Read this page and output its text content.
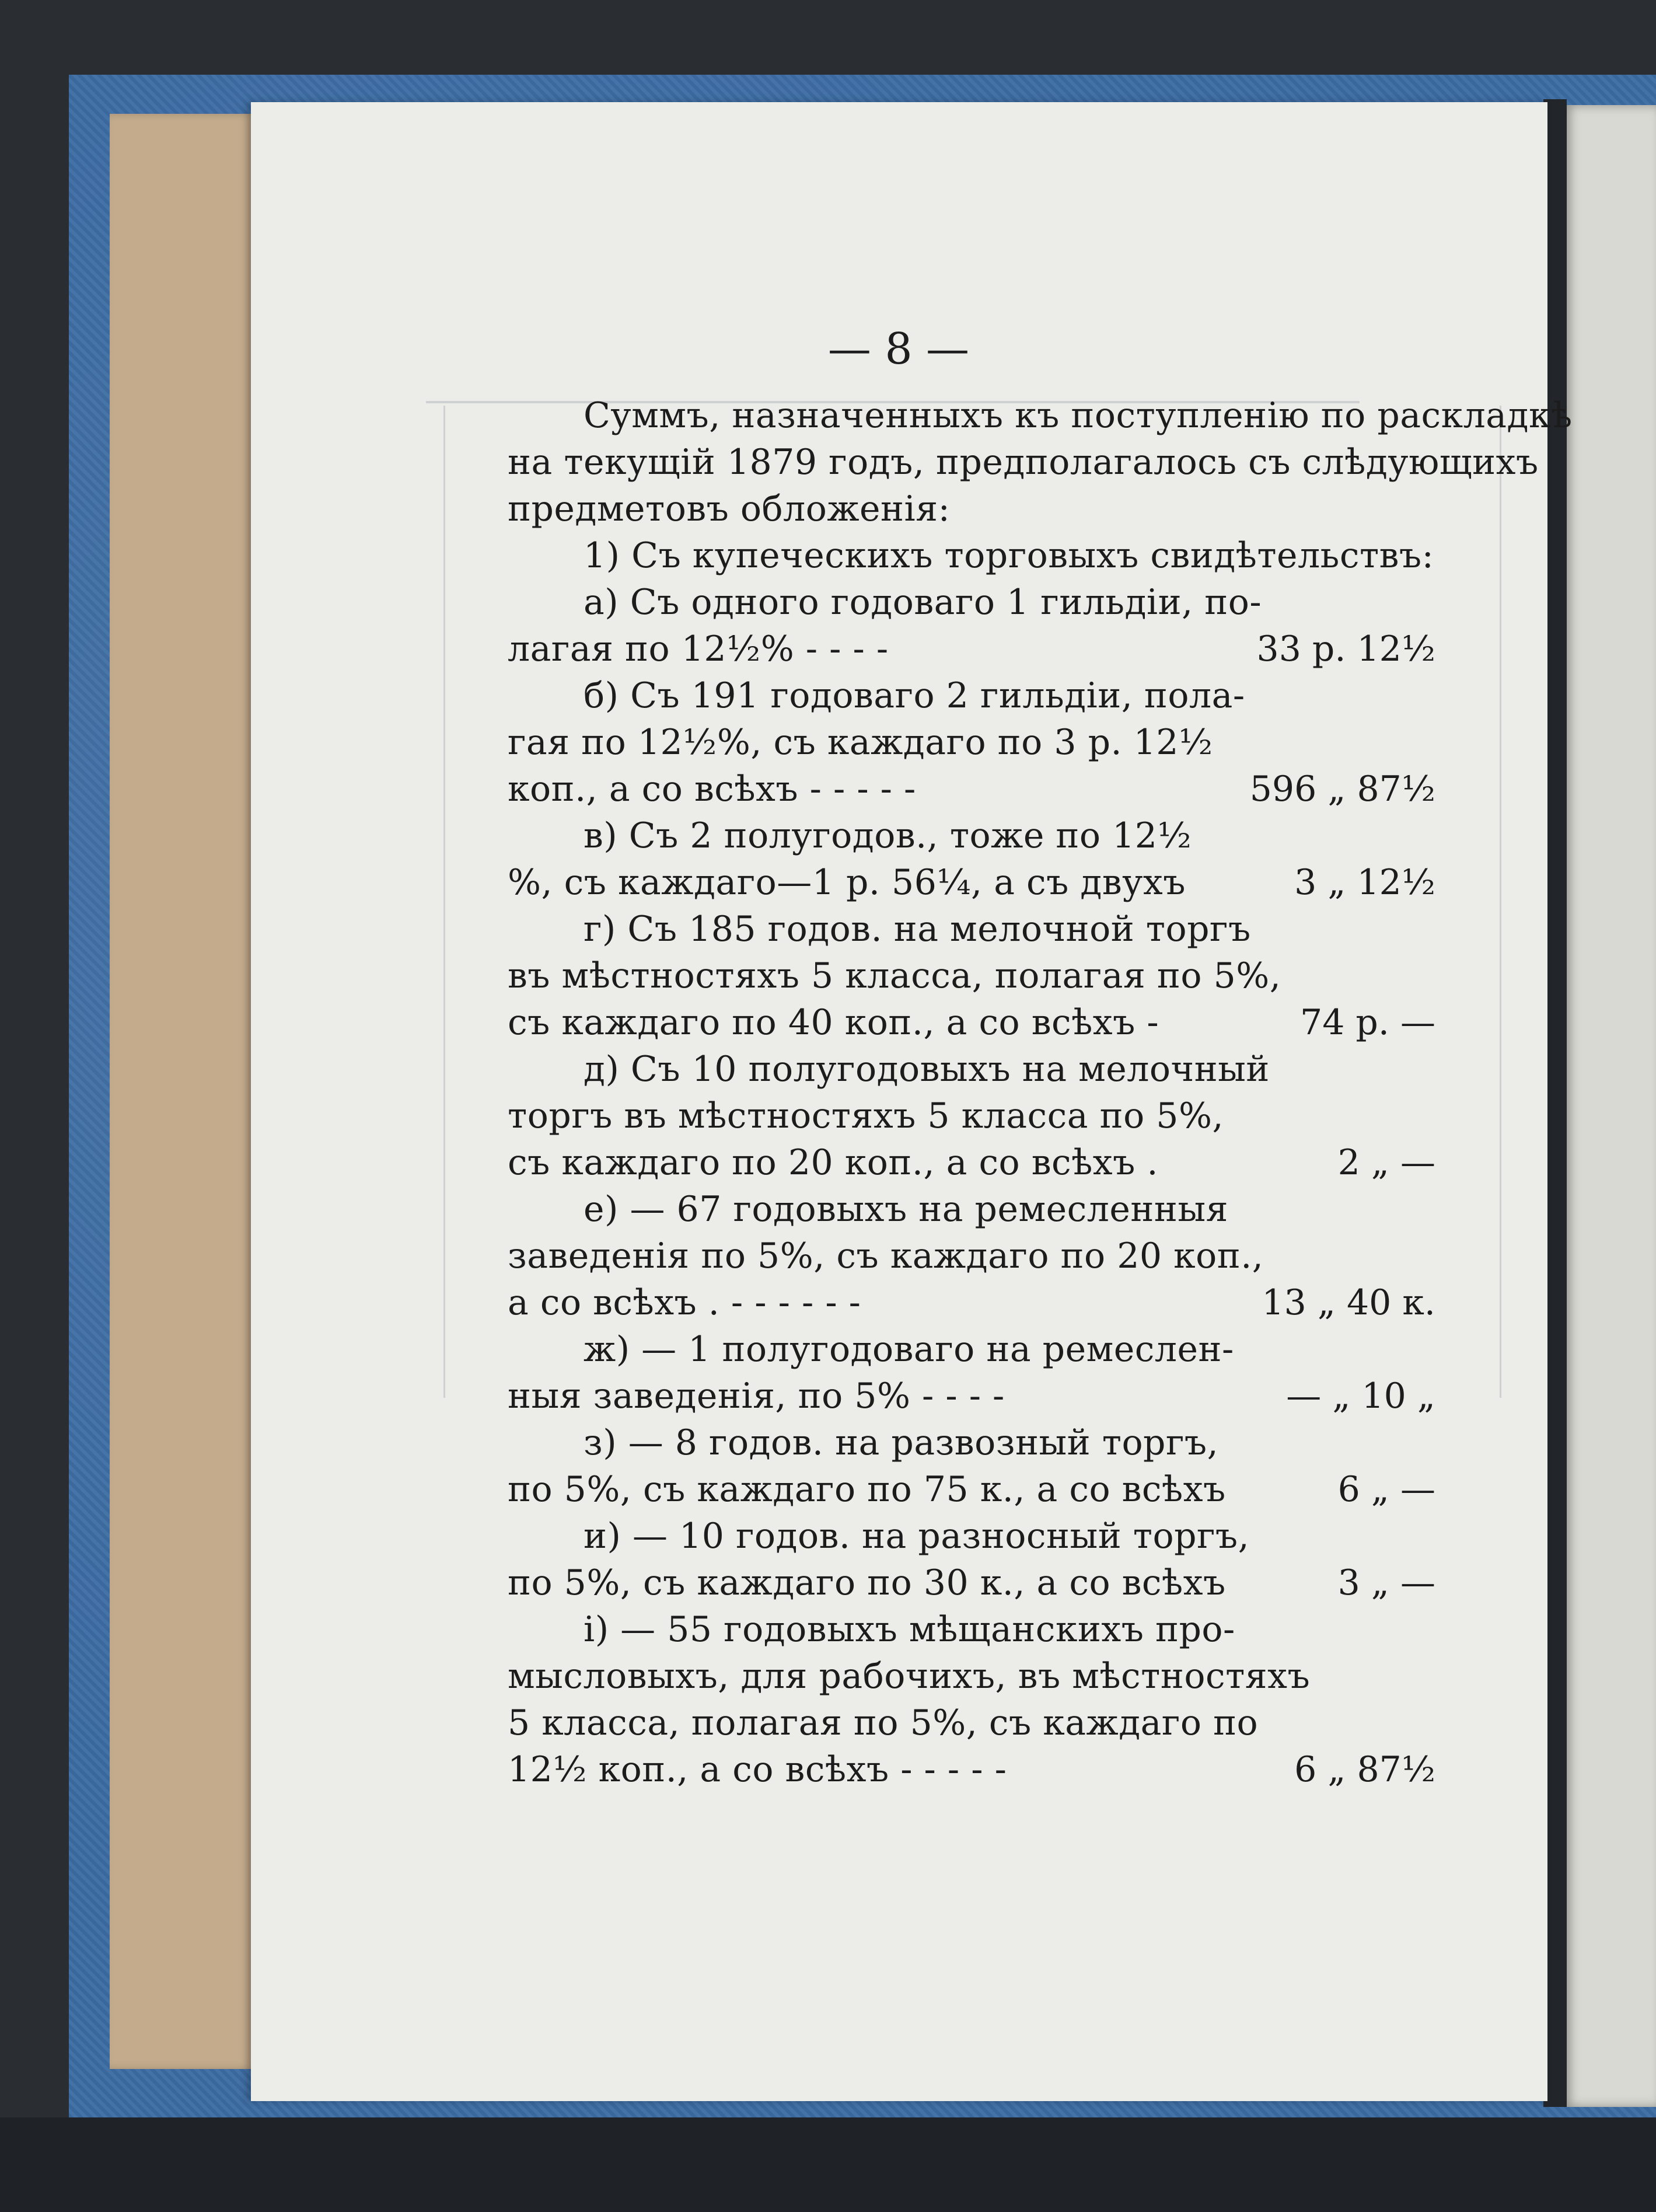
— 8 —
Суммъ, назначенныхъ къ поступленію по раскладкѣ
на текущій 1879 годъ, предполагалось съ слѣдующихъ
предметовъ обложенія:
1) Съ купеческихъ торговыхъ свидѣтельствъ:
а) Съ одного годоваго 1 гильдіи, по-
лагая по 12½% - - - -
б) Съ 191 годоваго 2 гильдіи, пола-
гая по 12½%, съ каждаго по 3 р. 12½
коп., а со всѣхъ - - - - -
в) Съ 2 полугодов., тоже по 12½
%, съ каждаго—1 р. 56¼, а съ двухъ
г) Съ 185 годов. на мелочной торгъ
въ мѣстностяхъ 5 класса, полагая по 5%,
съ каждаго по 40 коп., а со всѣхъ -
д) Съ 10 полугодовыхъ на мелочный
торгъ въ мѣстностяхъ 5 класса по 5%,
съ каждаго по 20 коп., а со всѣхъ .
е) — 67 годовыхъ на ремесленныя
заведенія по 5%, съ каждаго по 20 коп.,
а со всѣхъ . - - - - - -
ж) — 1 полугодоваго на ремеслен-
ныя заведенія, по 5% - - - -
з) — 8 годов. на развозный торгъ,
по 5%, съ каждаго по 75 к., а со всѣхъ
и) — 10 годов. на разносный торгъ,
по 5%, съ каждаго по 30 к., а со всѣхъ
і) — 55 годовыхъ мѣщанскихъ про-
мысловыхъ, для рабочихъ, въ мѣстностяхъ
5 класса, полагая по 5%, съ каждаго по
12½ коп., а со всѣхъ - - - - -
33 р. 12½
596 „ 87½
3 „ 12½
74 р. —
2 „ —
13 „ 40 к.
— „ 10 „
6 „ —
3 „ —
6 „ 87½
